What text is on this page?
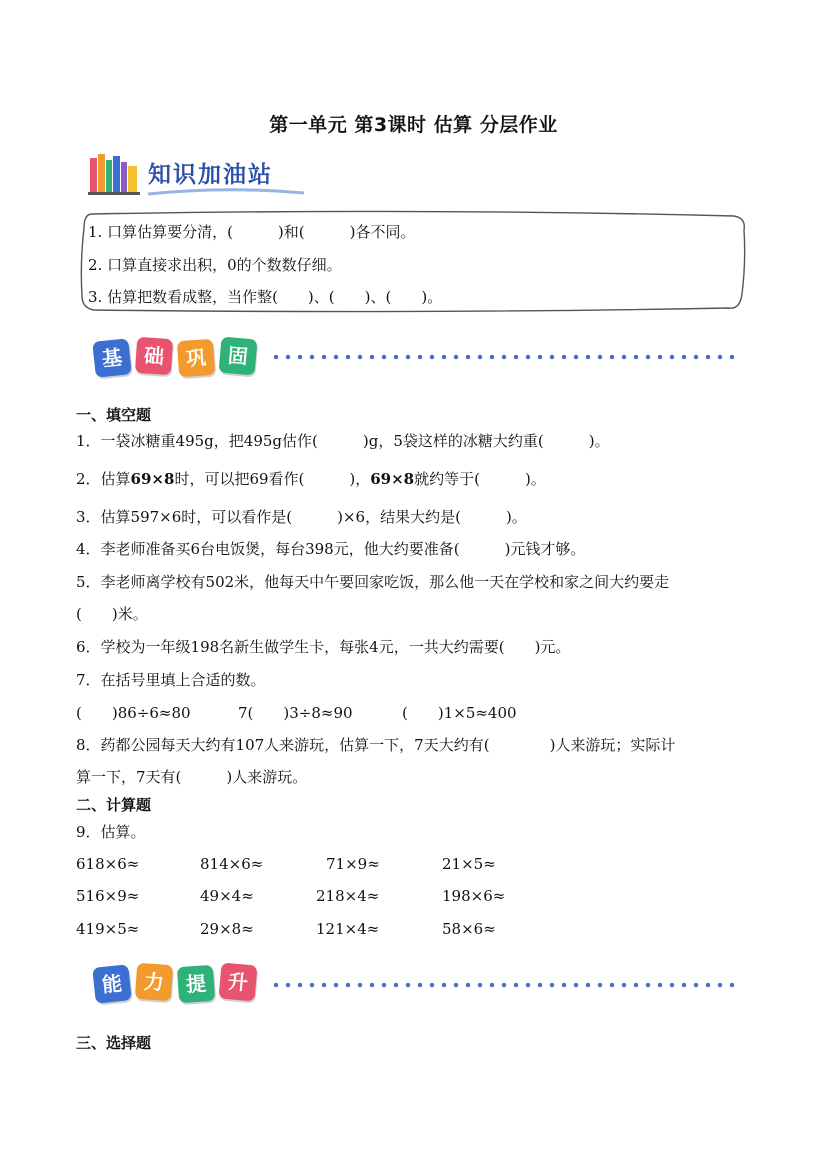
第一单元 第3课时 估算 分层作业
知识加油站
1. 口算估算要分清，(　　　)和(　　　)各不同。
2. 口算直接求出积，0的个数数仔细。
3. 估算把数看成整，当作整(　　)、(　　)、(　　)。
基 础	巩	固
一、填空题
1．一袋冰糖重495g，把495g估作(　　　)g，5袋这样的冰糖大约重(　　　)。
2．估算69×8时，可以把69看作(　　　)，69×8就约等于(　　　)。
3．估算597×6时，可以看作是(　　　)×6，结果大约是(　　　)。
4．李老师准备买6台电饭煲，每台398元，他大约要准备(　　　)元钱才够。
5．李老师离学校有502米，他每天中午要回家吃饭，那么他一天在学校和家之间大约要走
(　　)米。
6．学校为一年级198名新生做学生卡，每张4元，一共大约需要(　　)元。
7．在括号里填上合适的数。
(　　)86÷6≈80	7(　　)3÷8≈90	(　　)1×5≈400
8．药都公园每天大约有107人来游玩，估算一下，7天大约有(　　　　)人来游玩；实际计
算一下，7天有(　　　)人来游玩。
二、计算题
9．估算。
618×6≈	814×6≈	71×9≈	21×5≈
516×9≈	49×4≈	218×4≈	198×6≈
419×5≈	29×8≈	121×4≈	58×6≈
能 力	提	升
三、选择题
